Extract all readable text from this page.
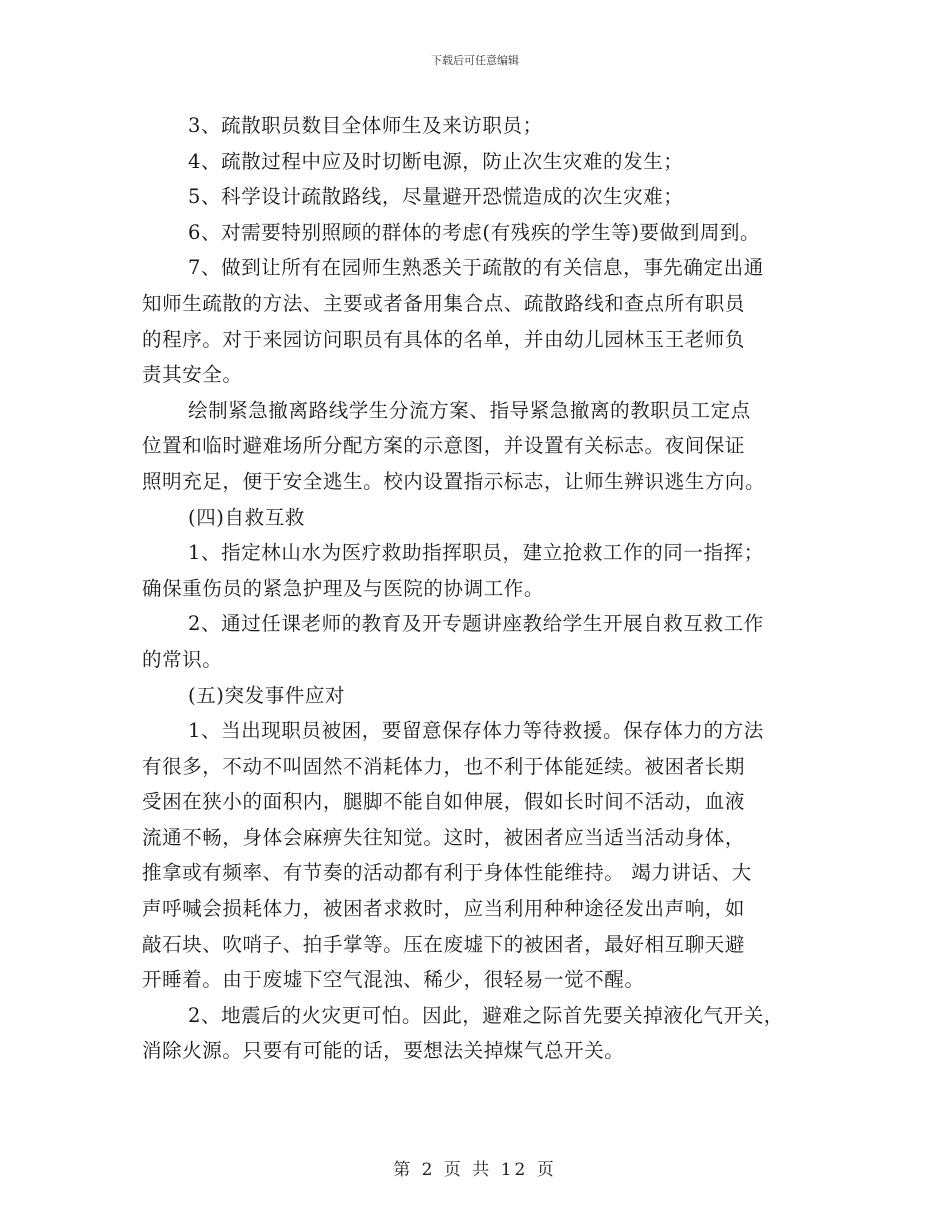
下载后可任意编辑
3、疏散职员数目全体师生及来访职员；
4、疏散过程中应及时切断电源，防止次生灾难的发生；
5、科学设计疏散路线，尽量避开恐慌造成的次生灾难；
6、对需要特别照顾的群体的考虑(有残疾的学生等)要做到周到。
7、做到让所有在园师生熟悉关于疏散的有关信息，事先确定出通
知师生疏散的方法、主要或者备用集合点、疏散路线和查点所有职员
的程序。对于来园访问职员有具体的名单，并由幼儿园林玉王老师负
责其安全。
绘制紧急撤离路线学生分流方案、指导紧急撤离的教职员工定点
位置和临时避难场所分配方案的示意图，并设置有关标志。夜间保证
照明充足，便于安全逃生。校内设置指示标志，让师生辨识逃生方向。
(四)自救互救
1、指定林山水为医疗救助指挥职员，建立抢救工作的同一指挥；
确保重伤员的紧急护理及与医院的协调工作。
2、通过任课老师的教育及开专题讲座教给学生开展自救互救工作
的常识。
(五)突发事件应对
1、当出现职员被困，要留意保存体力等待救援。保存体力的方法
有很多，不动不叫固然不消耗体力，也不利于体能延续。被困者长期
受困在狭小的面积内，腿脚不能自如伸展，假如长时间不活动，血液
流通不畅，身体会麻痹失往知觉。这时，被困者应当适当活动身体，
推拿或有频率、有节奏的活动都有利于身体性能维持。 竭力讲话、大
声呼喊会损耗体力，被困者求救时，应当利用种种途径发出声响，如
敲石块、吹哨子、拍手掌等。压在废墟下的被困者，最好相互聊天避
开睡着。由于废墟下空气混浊、稀少，很轻易一觉不醒。
2、地震后的火灾更可怕。因此，避难之际首先要关掉液化气开关，
消除火源。只要有可能的话，要想法关掉煤气总开关。
第 2 页 共 12 页
